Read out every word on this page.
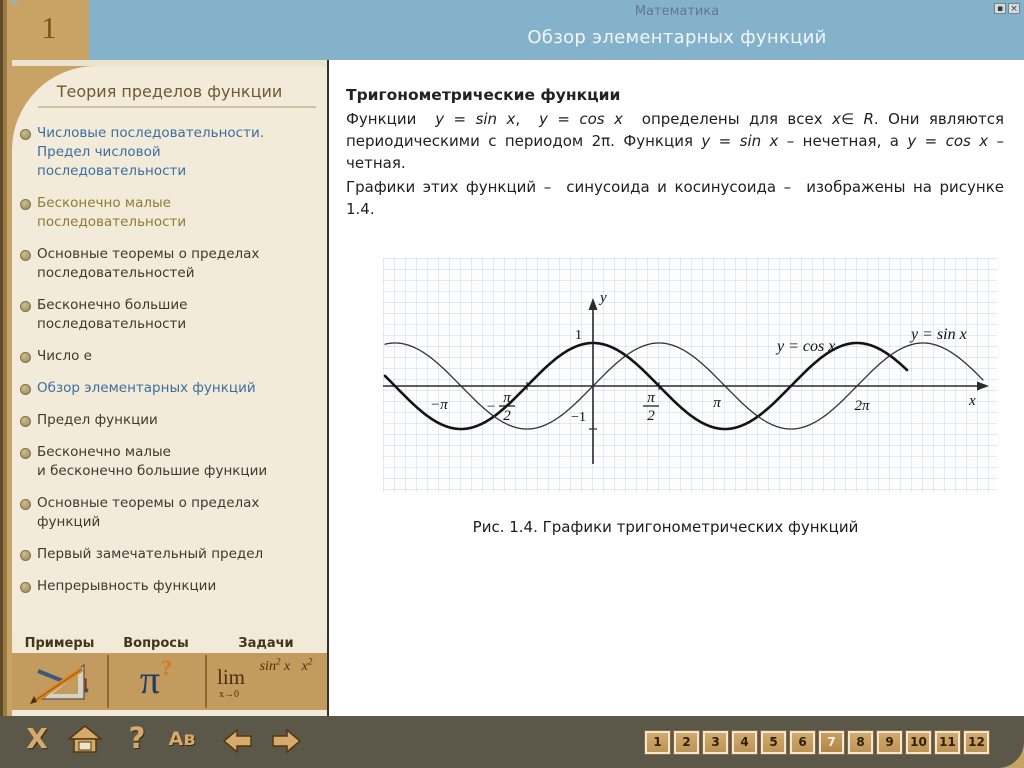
Математика
Обзор элементарных функций
▪ ×
1
Тригонометрические функции
Функции  y = sin x,  y = cos x  определены для всех x∈ R. Они являются периодическими с периодом 2π. Функция y = sin x – нечетная, а y = cos x – четная.
Графики этих функций –  синусоида и косинусоида –  изображены на рисунке 1.4.
y
x
1
−1
−π	π	2π
y = cos x
y = sin x
π
2
−
π
2
Рис. 1.4. Графики тригонометрических функций
Теория пределов функции
Числовые последовательности.
Предел числовой
последовательности
Бесконечно малые
последовательности
Основные теоремы о пределах
последовательностей
Бесконечно большие
последовательности
Число е
Обзор элементарных функций
Предел функции
Бесконечно малые
и бесконечно большие функции
Основные теоремы о пределах
функций
Первый замечательный предел
Непрерывность функции
Примеры	Вопросы	Задачи
π?	lim
x→0
$\sin^2 x$ $x^2$
X	?	Ав	1	2	3	4	5	6	7	8	9	10	11	12
